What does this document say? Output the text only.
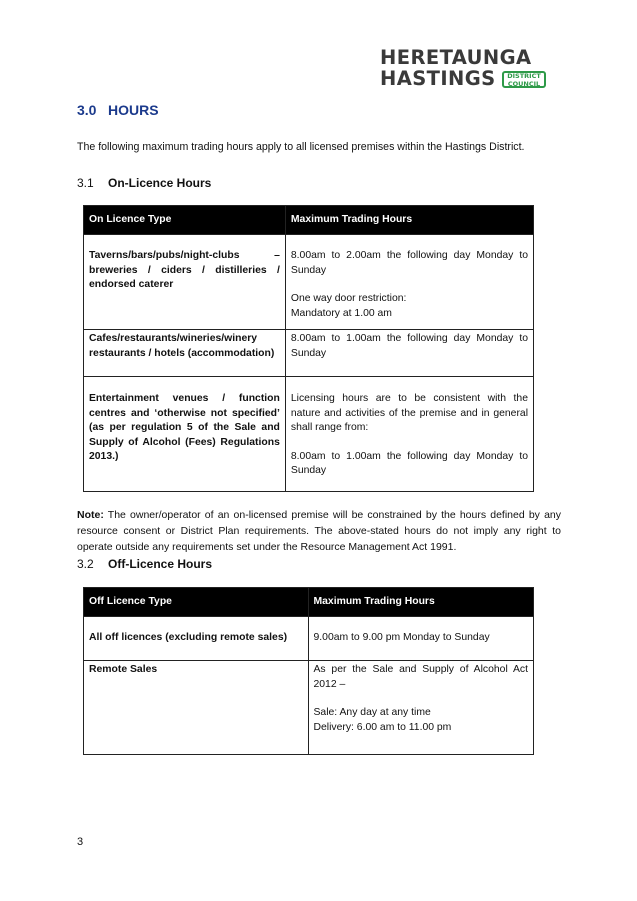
HERETAUNGA
HASTINGS	DISTRICT
COUNCIL
3.0 HOURS
The following maximum trading hours apply to all licensed premises within the Hastings District.
3.1 On-Licence Hours
On Licence Type	Maximum Trading Hours
Taverns/bars/pubs/night-clubs – breweries / ciders / distilleries / endorsed caterer	8.00am to 2.00am the following day Monday to Sunday

One way door restriction:

Mandatory at 1.00 am

Cafes/restaurants/wineries/winery restaurants / hotels (accommodation)	8.00am to 1.00am the following day Monday to Sunday

Entertainment venues / function centres and ‘otherwise not specified’ (as per regulation 5 of the Sale and Supply of Alcohol (Fees) Regulations 2013.)	Licensing hours are to be consistent with the nature and activities of the premise and in general shall range from:

8.00am to 1.00am the following day Monday to Sunday

Note: The owner/operator of an on-licensed premise will be constrained by the hours defined by any resource consent or District Plan requirements. The above-stated hours do not imply any right to operate outside any requirements set under the Resource Management Act 1991.
3.2 Off-Licence Hours
Off Licence Type	Maximum Trading Hours
All off licences (excluding remote sales)	9.00am to 9.00 pm Monday to Sunday

Remote Sales	As per the Sale and Supply of Alcohol Act 2012 –

Sale: Any day at any time

Delivery: 6.00 am to 11.00 pm

3
